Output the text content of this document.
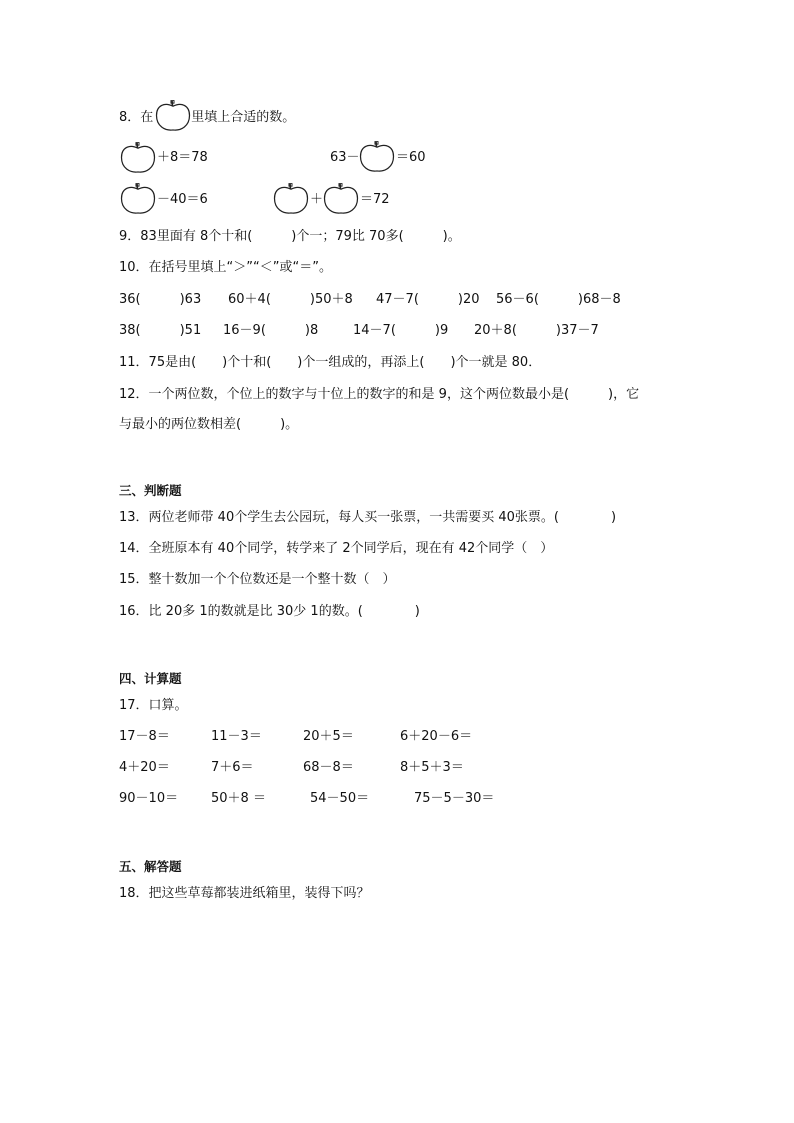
8．在	里填上合适的数。
＋8＝78	63－	＝60
－40＝6	＋	＝72
9．83里面有 8个十和(　　　)个一；79比 70多(　　　)。
10．在括号里填上“＞”“＜”或“＝”。
36(　　　)63 60＋4(　　　)50＋8 47－7(　　　)20 56－6(　　　)68－8
38(　　　)51 16－9(　　　)8	14－7(　　　)9 20＋8(　　　)37－7
11．75是由(　　)个十和(　　)个一组成的，再添上(　　)个一就是 80．
12．一个两位数，个位上的数字与十位上的数字的和是 9，这个两位数最小是(　　　)，它
与最小的两位数相差(　　　)。
三、判断题
13．两位老师带 40个学生去公园玩，每人买一张票，一共需要买 40张票。(　　　　)
14．全班原本有 40个同学，转学来了 2个同学后，现在有 42个同学（　）
15．整十数加一个个位数还是一个整十数（　）
16．比 20多 1的数就是比 30少 1的数。(　　　　)
四、计算题
17．口算。
17－8＝	11－3＝	20＋5＝	6＋20－6＝
4＋20＝	7＋6＝	68－8＝	8＋5＋3＝
90－10＝	50＋8 ＝	54－50＝	75－5－30＝
五、解答题
18．把这些草莓都装进纸箱里，装得下吗？
